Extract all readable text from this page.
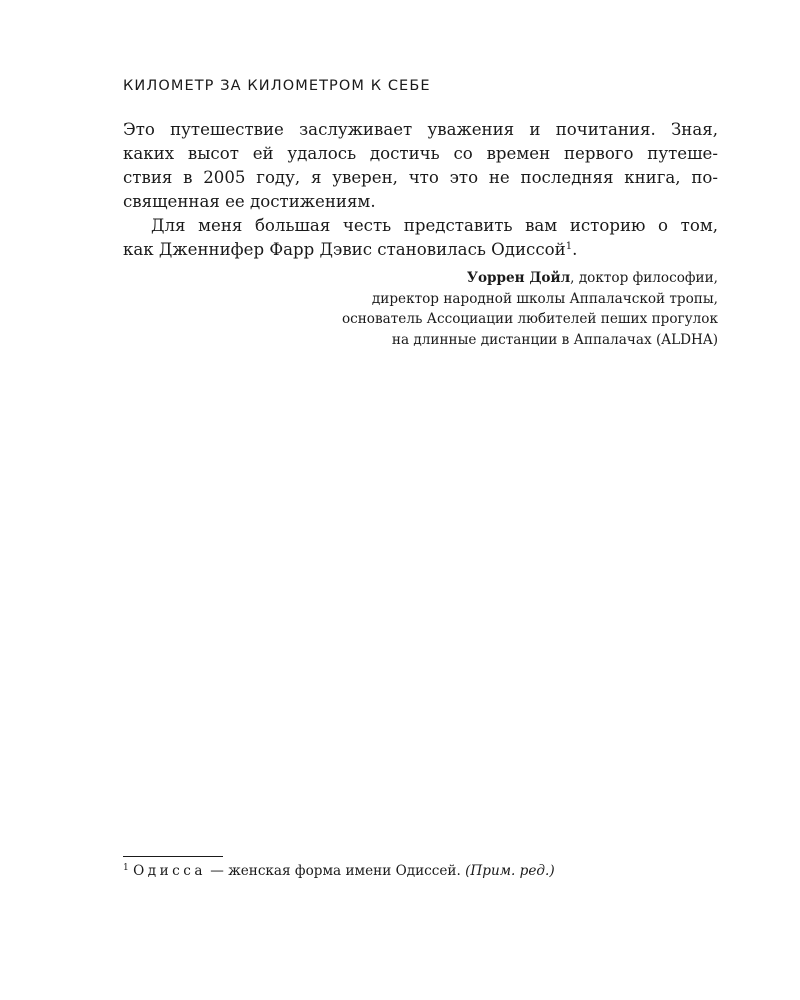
КИЛОМЕТР ЗА КИЛОМЕТРОМ К СЕБЕ

Это путешествие заслуживает уважения и почитания. Зная,
каких высот ей удалось достичь со времен первого путеше-
ствия в 2005 году, я уверен, что это не последняя книга, по-
священная ее достижениям.

Для меня большая честь представить вам историю о том,
как Дженнифер Фарр Дэвис становилась Одиссой$^1$.

Уоррен Дойл, доктор философии,
директор народной школы Аппалачской тропы,
основатель Ассоциации любителей пеших прогулок
на длинные дистанции в Аппалачах (ALDHA)
$^1$ Одисса — женская форма имени Одиссей. (Прим. ред.)
